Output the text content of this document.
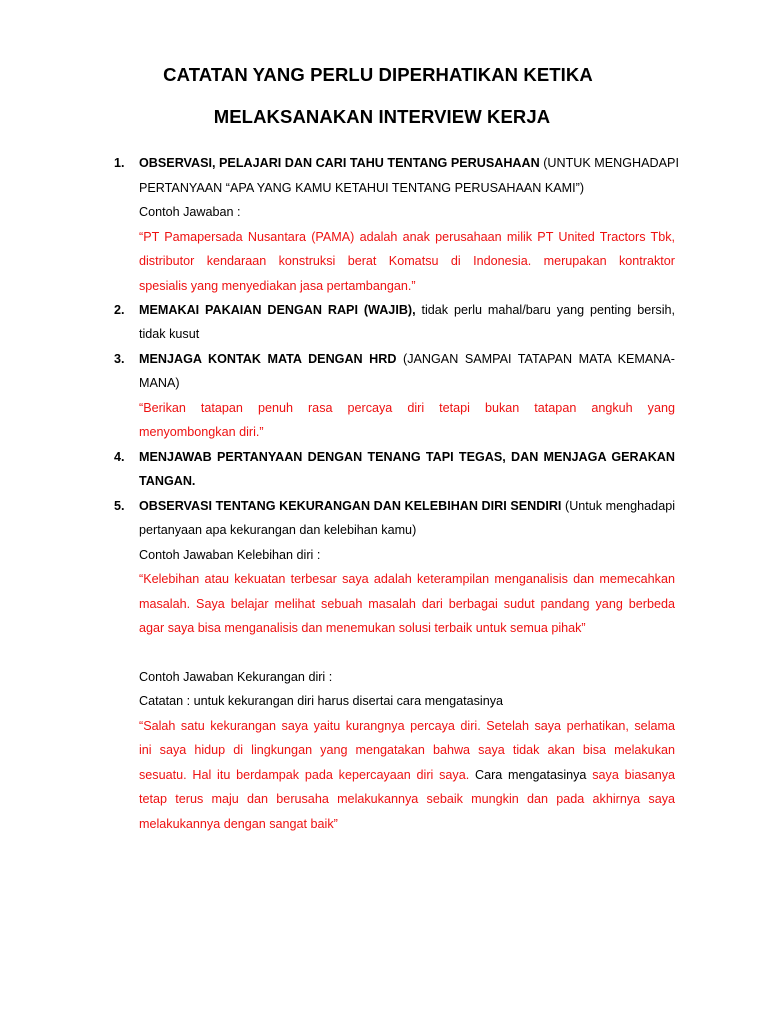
CATATAN YANG PERLU DIPERHATIKAN KETIKA
MELAKSANAKAN INTERVIEW KERJA
1. OBSERVASI, PELAJARI DAN CARI TAHU TENTANG PERUSAHAAN (UNTUK MENGHADAPI
PERTANYAAN “APA YANG KAMU KETAHUI TENTANG PERUSAHAAN KAMI”)
Contoh Jawaban :
“PT Pamapersada Nusantara (PAMA) adalah anak perusahaan milik PT United Tractors Tbk,
distributor kendaraan konstruksi berat Komatsu di Indonesia. merupakan kontraktor
spesialis yang menyediakan jasa pertambangan.”
2. MEMAKAI PAKAIAN DENGAN RAPI (WAJIB), tidak perlu mahal/baru yang penting bersih,
tidak kusut
3. MENJAGA KONTAK MATA DENGAN HRD (JANGAN SAMPAI TATAPAN MATA KEMANA-
MANA)
“Berikan tatapan penuh rasa percaya diri tetapi bukan tatapan angkuh yang
menyombongkan diri.”
4. MENJAWAB PERTANYAAN DENGAN TENANG TAPI TEGAS, DAN MENJAGA GERAKAN
TANGAN.
5. OBSERVASI TENTANG KEKURANGAN DAN KELEBIHAN DIRI SENDIRI (Untuk menghadapi
pertanyaan apa kekurangan dan kelebihan kamu)
Contoh Jawaban Kelebihan diri :
“Kelebihan atau kekuatan terbesar saya adalah keterampilan menganalisis dan memecahkan
masalah. Saya belajar melihat sebuah masalah dari berbagai sudut pandang yang berbeda
agar saya bisa menganalisis dan menemukan solusi terbaik untuk semua pihak”
Contoh Jawaban Kekurangan diri :
Catatan : untuk kekurangan diri harus disertai cara mengatasinya
“Salah satu kekurangan saya yaitu kurangnya percaya diri. Setelah saya perhatikan, selama
ini saya hidup di lingkungan yang mengatakan bahwa saya tidak akan bisa melakukan
sesuatu. Hal itu berdampak pada kepercayaan diri saya. Cara mengatasinya saya biasanya
tetap terus maju dan berusaha melakukannya sebaik mungkin dan pada akhirnya saya
melakukannya dengan sangat baik”
